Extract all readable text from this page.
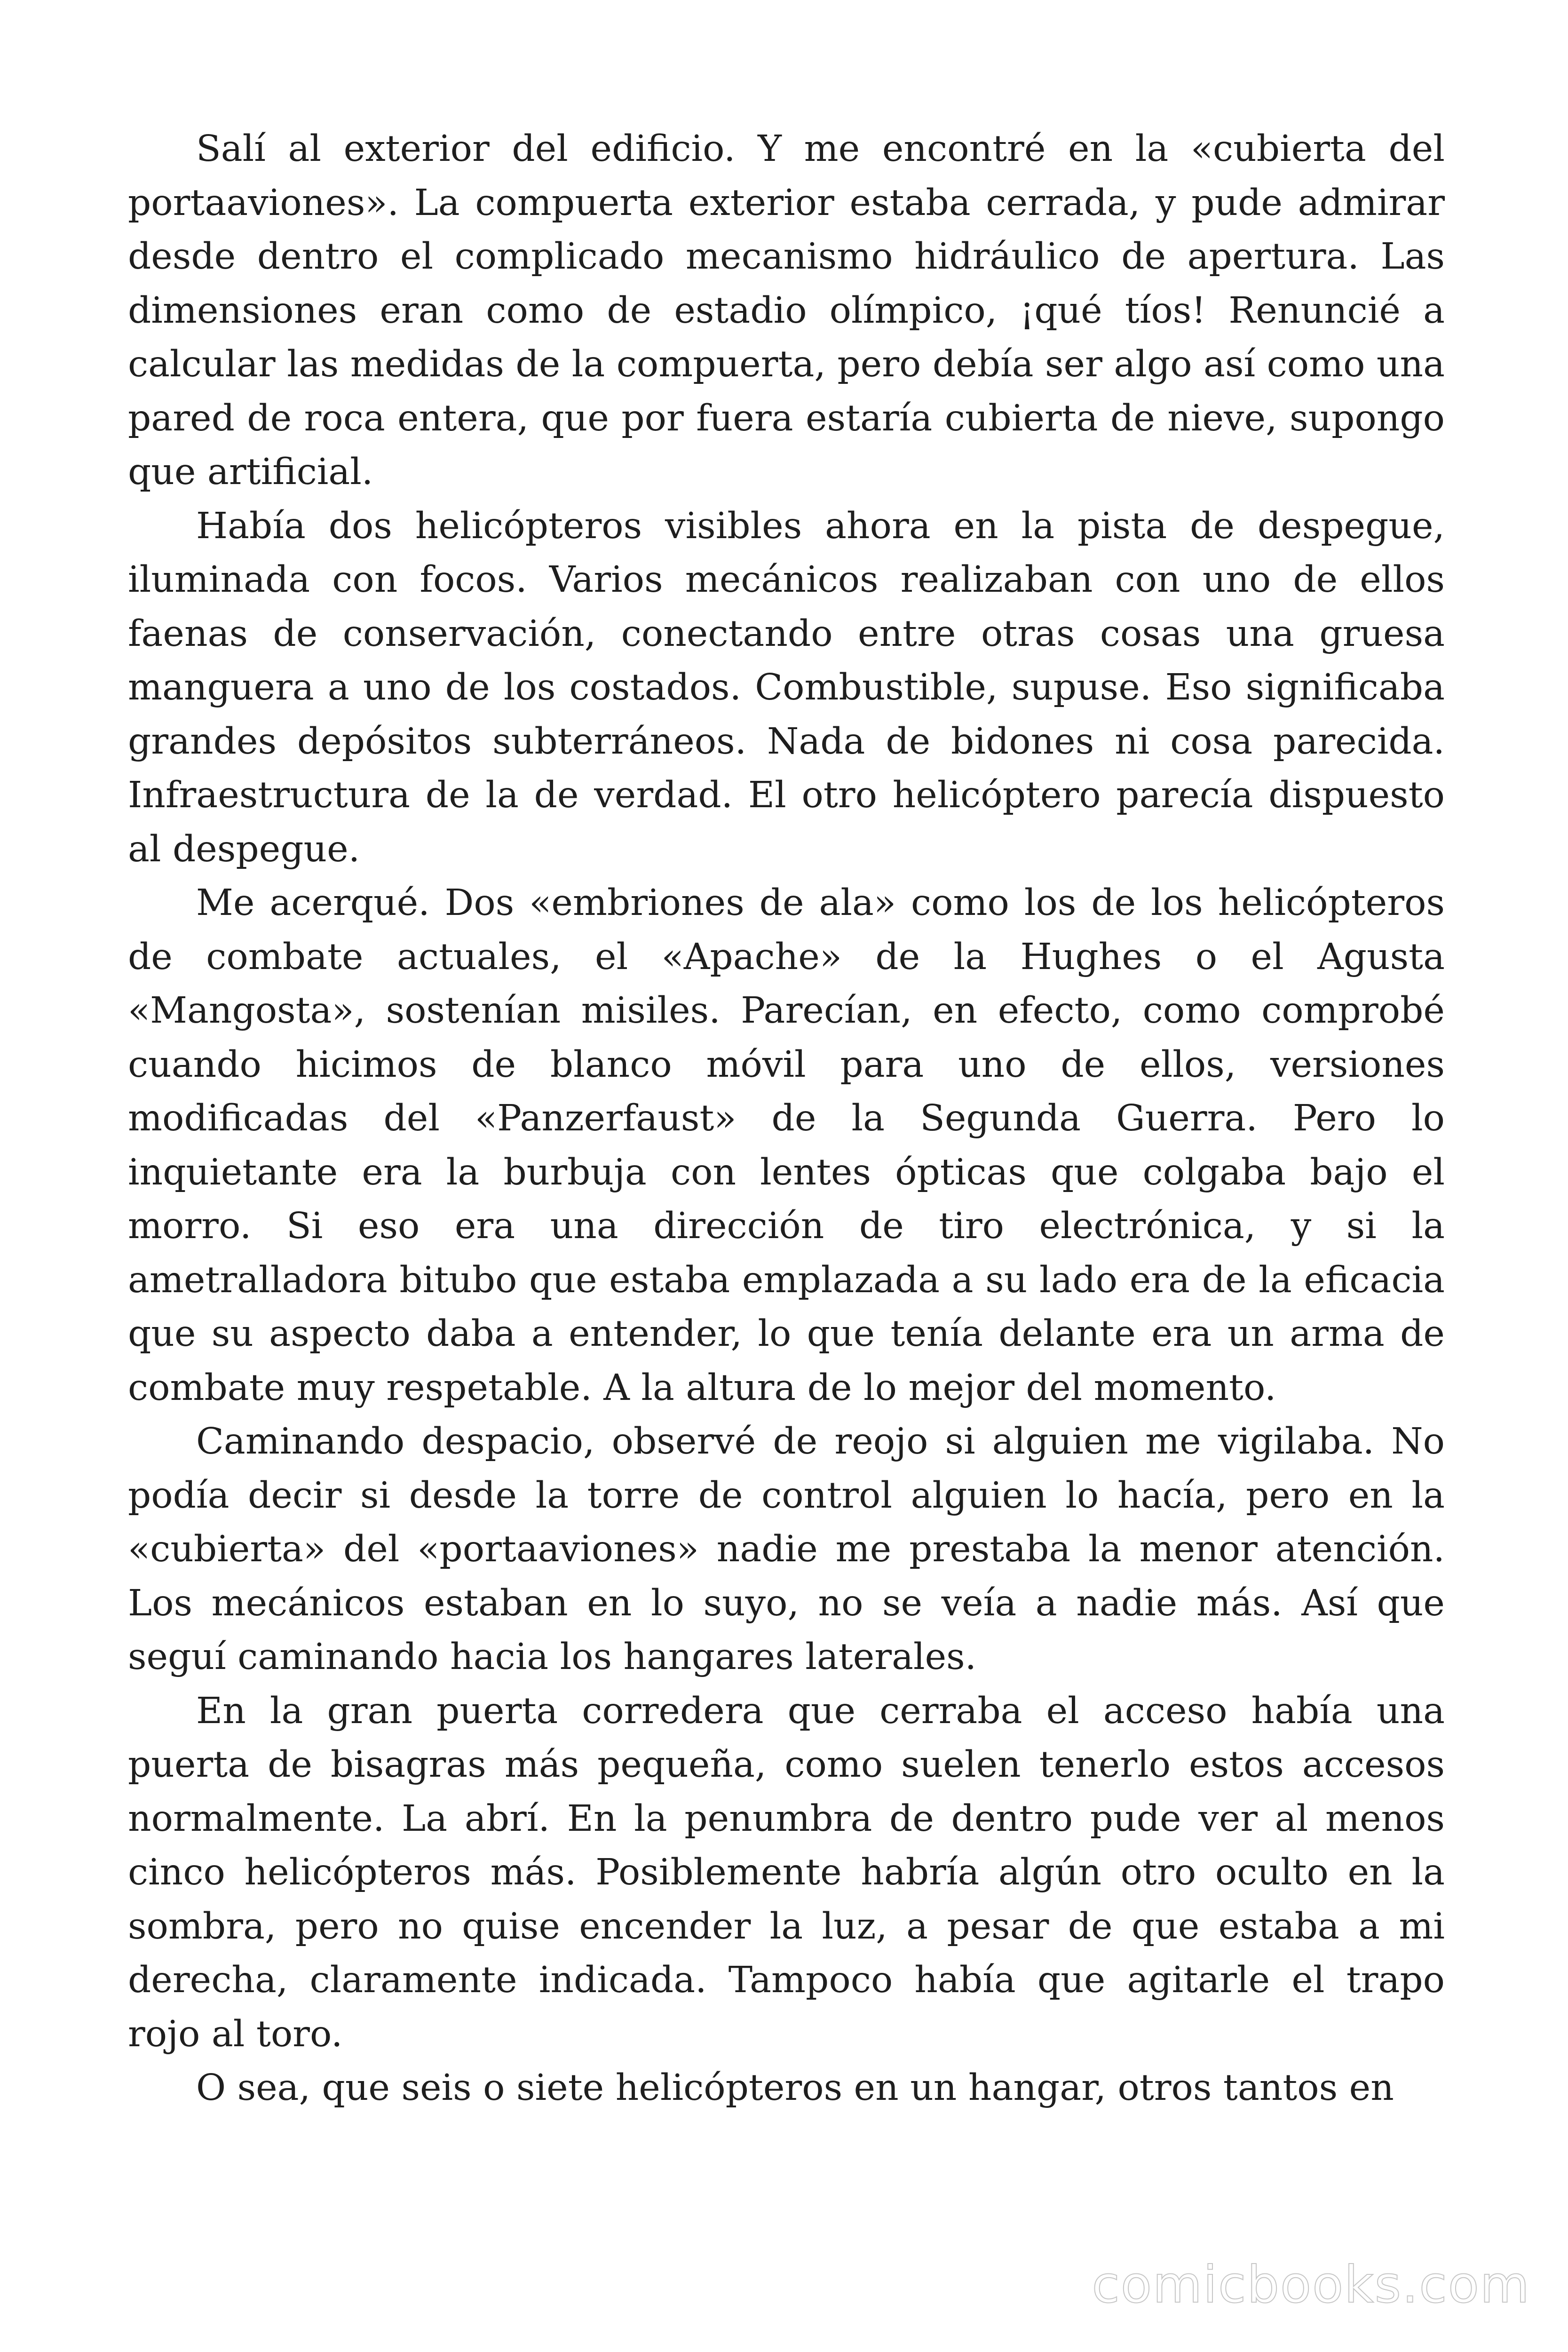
Salí al exterior del edificio. Y me encontré en la «cubierta del portaaviones». La compuerta exterior estaba cerrada, y pude admirar desde dentro el complicado mecanismo hidráulico de apertura. Las dimensiones eran como de estadio olímpico, ¡qué tíos! Renuncié a calcular las medidas de la compuerta, pero debía ser algo así como una pared de roca entera, que por fuera estaría cubierta de nieve, supongo que artificial.

Había dos helicópteros visibles ahora en la pista de despegue, iluminada con focos. Varios mecánicos realizaban con uno de ellos faenas de conservación, conectando entre otras cosas una gruesa manguera a uno de los costados. Combustible, supuse. Eso significaba grandes depósitos subterráneos. Nada de bidones ni cosa parecida. Infraestructura de la de verdad. El otro helicóptero parecía dispuesto al despegue.

Me acerqué. Dos «embriones de ala» como los de los helicópteros de combate actuales, el «Apache» de la Hughes o el Agusta «Mangosta», sostenían misiles. Parecían, en efecto, como comprobé cuando hicimos de blanco móvil para uno de ellos, versiones modificadas del «Panzerfaust» de la Segunda Guerra. Pero lo inquietante era la burbuja con lentes ópticas que colgaba bajo el morro. Si eso era una dirección de tiro electrónica, y si la ametralladora bitubo que estaba emplazada a su lado era de la eficacia que su aspecto daba a entender, lo que tenía delante era un arma de combate muy respetable. A la altura de lo mejor del momento.

Caminando despacio, observé de reojo si alguien me vigilaba. No podía decir si desde la torre de control alguien lo hacía, pero en la «cubierta» del «portaaviones» nadie me prestaba la menor atención. Los mecánicos estaban en lo suyo, no se veía a nadie más. Así que seguí caminando hacia los hangares laterales.

En la gran puerta corredera que cerraba el acceso había una puerta de bisagras más pequeña, como suelen tenerlo estos accesos normalmente. La abrí. En la penumbra de dentro pude ver al menos cinco helicópteros más. Posiblemente habría algún otro oculto en la sombra, pero no quise encender la luz, a pesar de que estaba a mi derecha, claramente indicada. Tampoco había que agitarle el trapo rojo al toro.

O sea, que seis o siete helicópteros en un hangar, otros tantos en

comicbooks.com
